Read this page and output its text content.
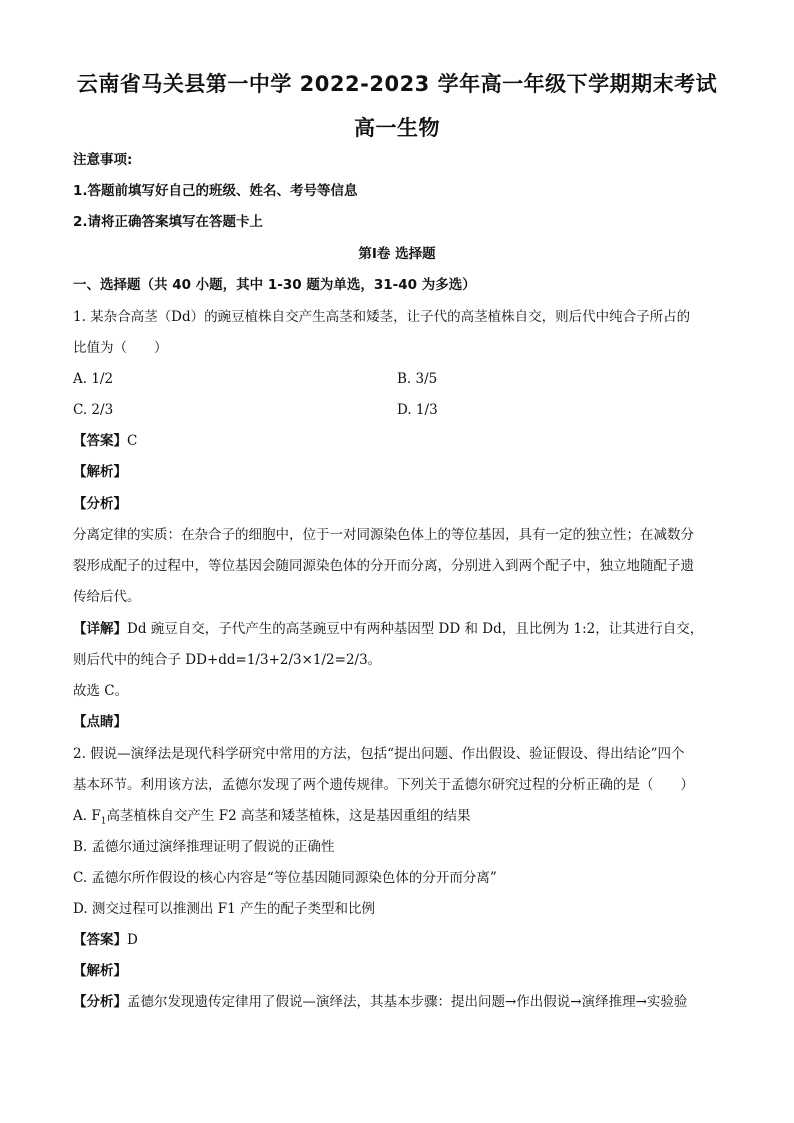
云南省马关县第一中学 2022-2023 学年高一年级下学期期末考试
高一生物
注意事项:
1.答题前填写好自己的班级、姓名、考号等信息
2.请将正确答案填写在答题卡上
第Ⅰ卷 选择题
一、选择题（共 40 小题，其中 1-30 题为单选，31-40 为多选）
1. 某杂合高茎（Dd）的豌豆植株自交产生高茎和矮茎，让子代的高茎植株自交，则后代中纯合子所占的
比值为（　　）
A. 1/2	B. 3/5
C. 2/3	D. 1/3
【答案】C
【解析】
【分析】
分离定律的实质：在杂合子的细胞中，位于一对同源染色体上的等位基因，具有一定的独立性；在减数分
裂形成配子的过程中，等位基因会随同源染色体的分开而分离，分别进入到两个配子中，独立地随配子遗
传给后代。
【详解】Dd 豌豆自交，子代产生的高茎豌豆中有两种基因型 DD 和 Dd，且比例为 1:2，让其进行自交，
则后代中的纯合子 DD+dd=1/3+2/3×1/2=2/3。
故选 C。
【点睛】
2. 假说—演绎法是现代科学研究中常用的方法，包括“提出问题、作出假设、验证假设、得出结论”四个
基本环节。利用该方法，孟德尔发现了两个遗传规律。下列关于孟德尔研究过程的分析正确的是（　　）
A. $F_1$高茎植株自交产生 F2 高茎和矮茎植株，这是基因重组的结果
B. 孟德尔通过演绎推理证明了假说的正确性
C. 孟德尔所作假设的核心内容是“等位基因随同源染色体的分开而分离”
D. 测交过程可以推测出 F1 产生的配子类型和比例
【答案】D
【解析】
【分析】孟德尔发现遗传定律用了假说—演绎法，其基本步骤：提出问题→作出假说→演绎推理→实验验
